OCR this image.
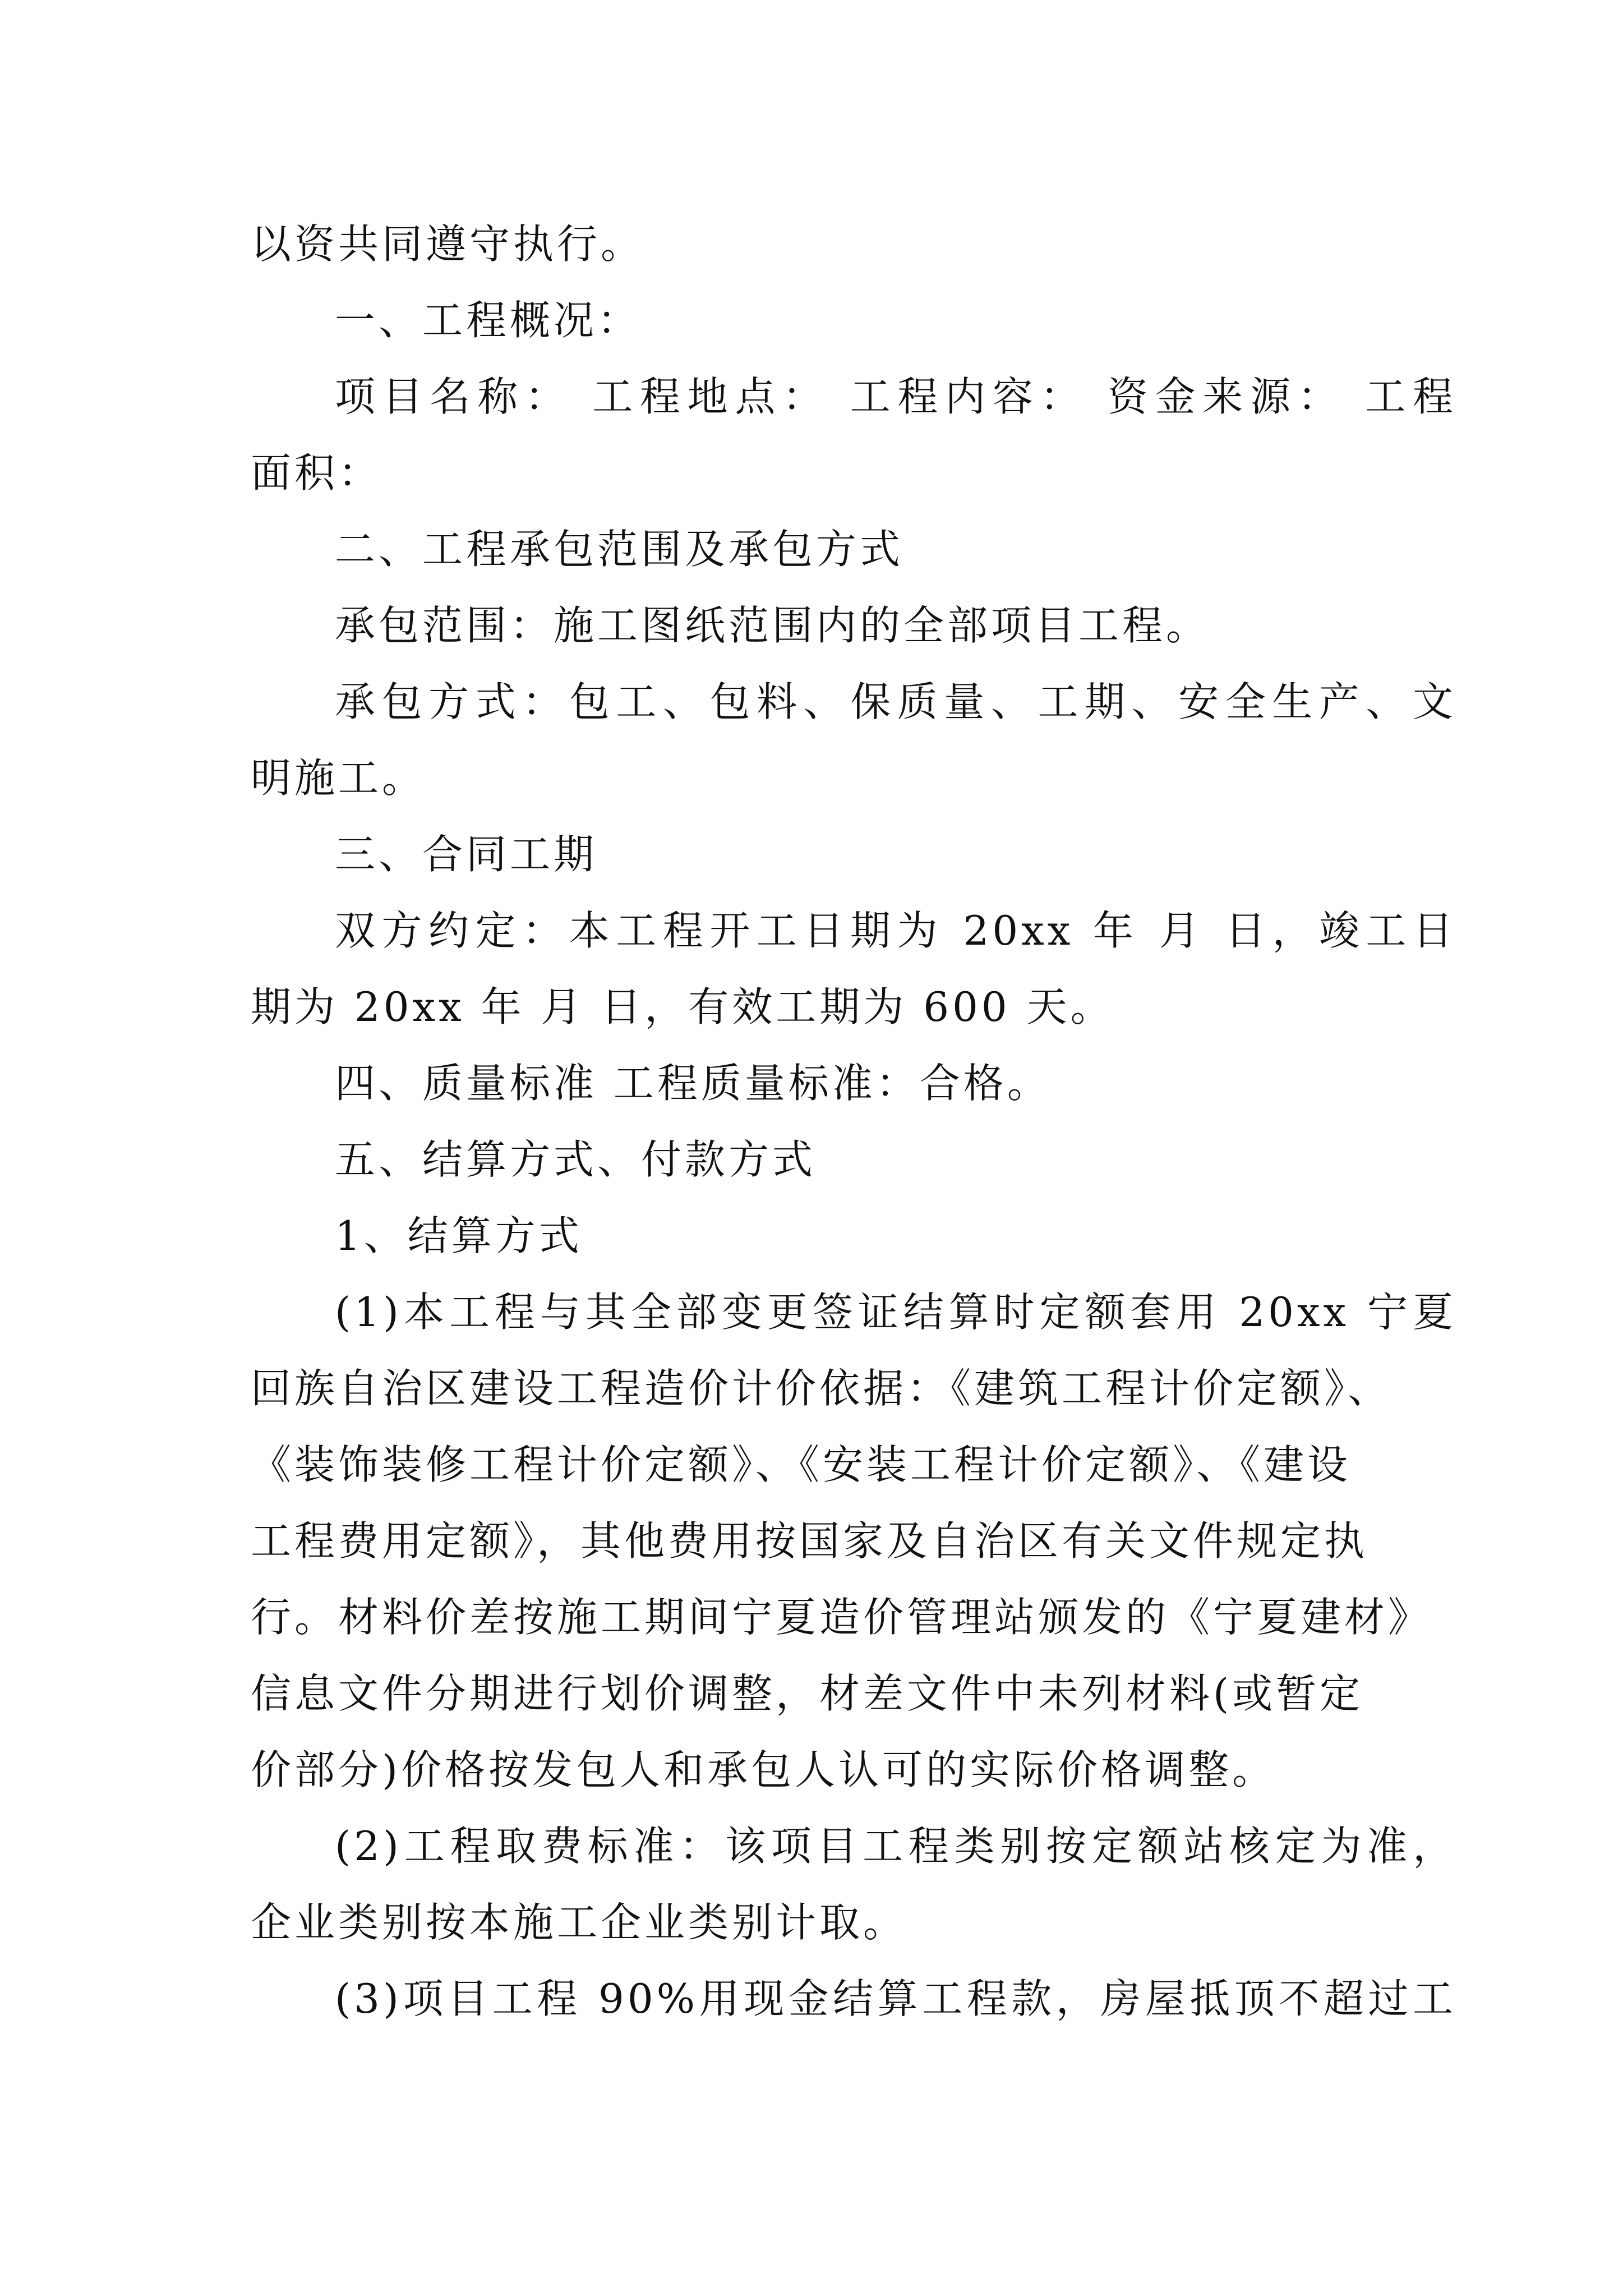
以资共同遵守执行。
一、工程概况：
项目名称： 工程地点： 工程内容： 资金来源： 工程
面积：
二、工程承包范围及承包方式
承包范围：施工图纸范围内的全部项目工程。
承包方式：包工、包料、保质量、工期、安全生产、文
明施工。
三、合同工期
双方约定：本工程开工日期为 20xx 年 月 日，竣工日
期为 20xx 年 月 日，有效工期为 600 天。
四、质量标准 工程质量标准：合格。
五、结算方式、付款方式
1、结算方式
(1)本工程与其全部变更签证结算时定额套用 20xx 宁夏
回族自治区建设工程造价计价依据：《建筑工程计价定额》、
《装饰装修工程计价定额》、《安装工程计价定额》、《建设
工程费用定额》，其他费用按国家及自治区有关文件规定执
行。材料价差按施工期间宁夏造价管理站颁发的《宁夏建材》
信息文件分期进行划价调整，材差文件中未列材料(或暂定
价部分)价格按发包人和承包人认可的实际价格调整。
(2)工程取费标准：该项目工程类别按定额站核定为准，
企业类别按本施工企业类别计取。
(3)项目工程 90%用现金结算工程款，房屋抵顶不超过工
